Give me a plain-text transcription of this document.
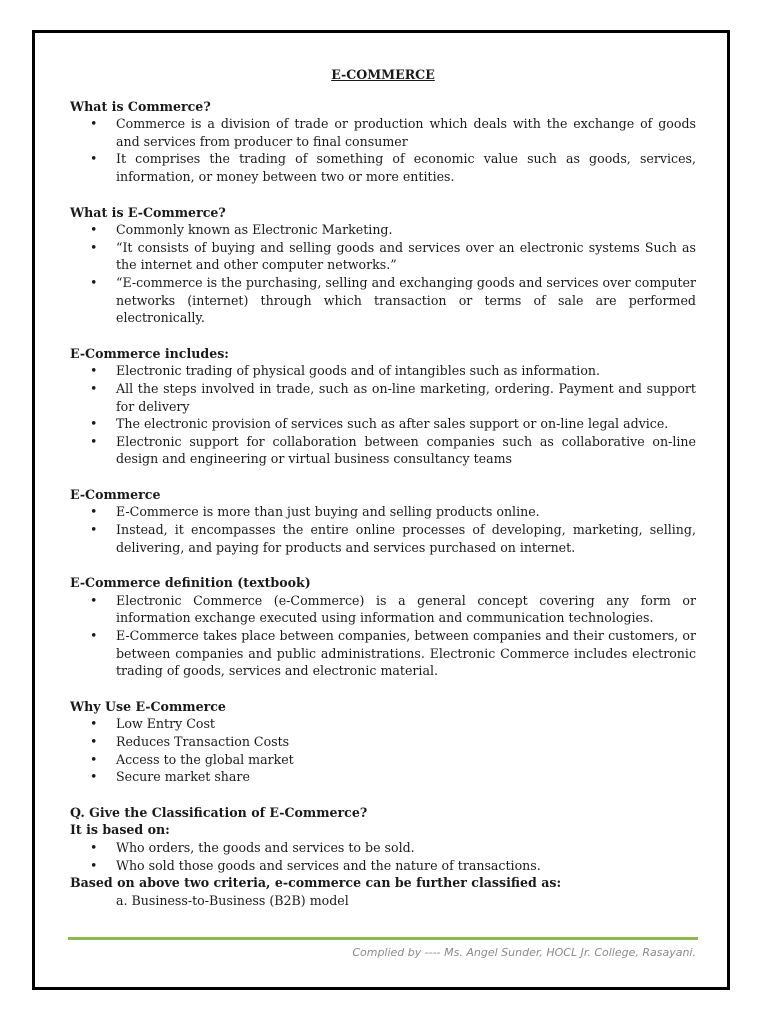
E-COMMERCE
What is Commerce?
• Commerce is a division of trade or production which deals with the exchange of goods and services from producer to final consumer
• It comprises the trading of something of economic value such as goods, services, information, or money between two or more entities.
What is E-Commerce?
• Commonly known as Electronic Marketing.
• “It consists of buying and selling goods and services over an electronic systems Such as the internet and other computer networks.”
• “E-commerce is the purchasing, selling and exchanging goods and services over computer networks (internet) through which transaction or terms of sale are performed electronically.
E-Commerce includes:
• Electronic trading of physical goods and of intangibles such as information.
• All the steps involved in trade, such as on-line marketing, ordering. Payment and support for delivery
• The electronic provision of services such as after sales support or on-line legal advice.
• Electronic support for collaboration between companies such as collaborative on-line design and engineering or virtual business consultancy teams
E-Commerce
• E-Commerce is more than just buying and selling products online.
• Instead, it encompasses the entire online processes of developing, marketing, selling, delivering, and paying for products and services purchased on internet.
E-Commerce definition (textbook)
• Electronic Commerce (e-Commerce) is a general concept covering any form or information exchange executed using information and communication technologies.
• E-Commerce takes place between companies, between companies and their customers, or between companies and public administrations. Electronic Commerce includes electronic trading of goods, services and electronic material.
Why Use E-Commerce
• Low Entry Cost
• Reduces Transaction Costs
• Access to the global market
• Secure market share
Q. Give the Classification of E-Commerce?
It is based on:
• Who orders, the goods and services to be sold.
• Who sold those goods and services and the nature of transactions.
Based on above two criteria, e-commerce can be further classified as:
a. Business-to-Business (B2B) model
Complied by ---- Ms. Angel Sunder, HOCL Jr. College, Rasayani.
